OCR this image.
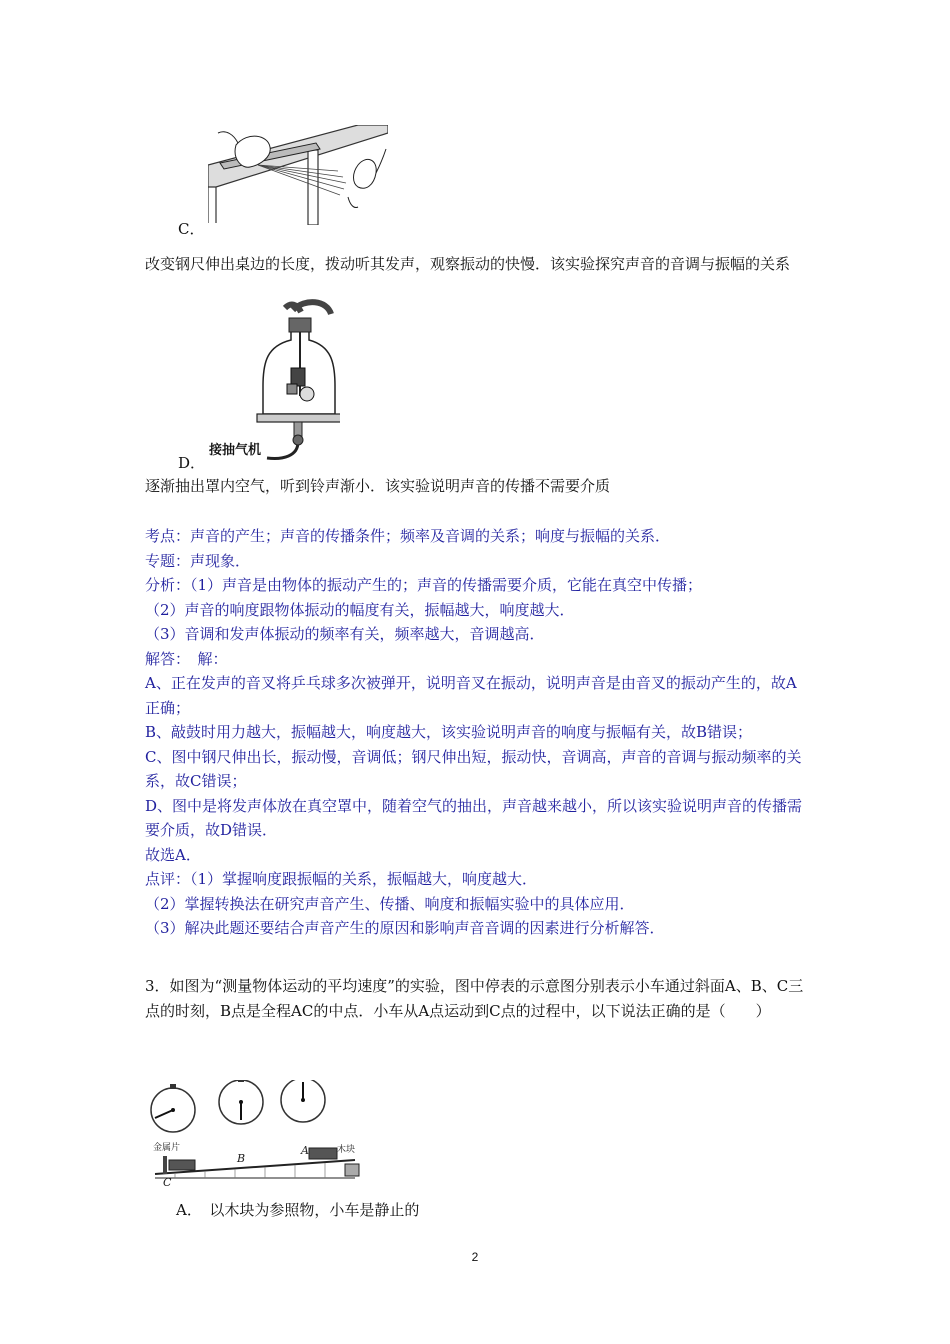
C．
改变钢尺伸出桌边的长度，拨动听其发声，观察振动的快慢．该实验探究声音的音调与振幅的关系
接抽气机
D．
逐渐抽出罩内空气，听到铃声渐小．该实验说明声音的传播不需要介质

考点：声音的产生；声音的传播条件；频率及音调的关系；响度与振幅的关系．

专题：声现象．

分析：（1）声音是由物体的振动产生的；声音的传播需要介质，它能在真空中传播；

（2）声音的响度跟物体振动的幅度有关，振幅越大，响度越大．

（3）音调和发声体振动的频率有关，频率越大，音调越高．

解答：　解：

A、正在发声的音叉将乒乓球多次被弹开，说明音叉在振动，说明声音是由音叉的振动产生的，故A正确；

B、敲鼓时用力越大，振幅越大，响度越大，该实验说明声音的响度与振幅有关，故B错误；

C、图中钢尺伸出长，振动慢，音调低；钢尺伸出短，振动快，音调高，声音的音调与振动频率的关系，故C错误；

D、图中是将发声体放在真空罩中，随着空气的抽出，声音越来越小，所以该实验说明声音的传播需要介质，故D错误．

故选A．

点评：（1）掌握响度跟振幅的关系，振幅越大，响度越大．

（2）掌握转换法在研究声音产生、传播、响度和振幅实验中的具体应用．

（3）解决此题还要结合声音产生的原因和影响声音音调的因素进行分析解答．

3．如图为“测量物体运动的平均速度”的实验，图中停表的示意图分别表示小车通过斜面A、B、C三点的时刻，B点是全程AC的中点．小车从A点运动到C点的过程中，以下说法正确的是（　　）
金属片	木块
B
A
C
A．　以木块为参照物，小车是静止的
2
